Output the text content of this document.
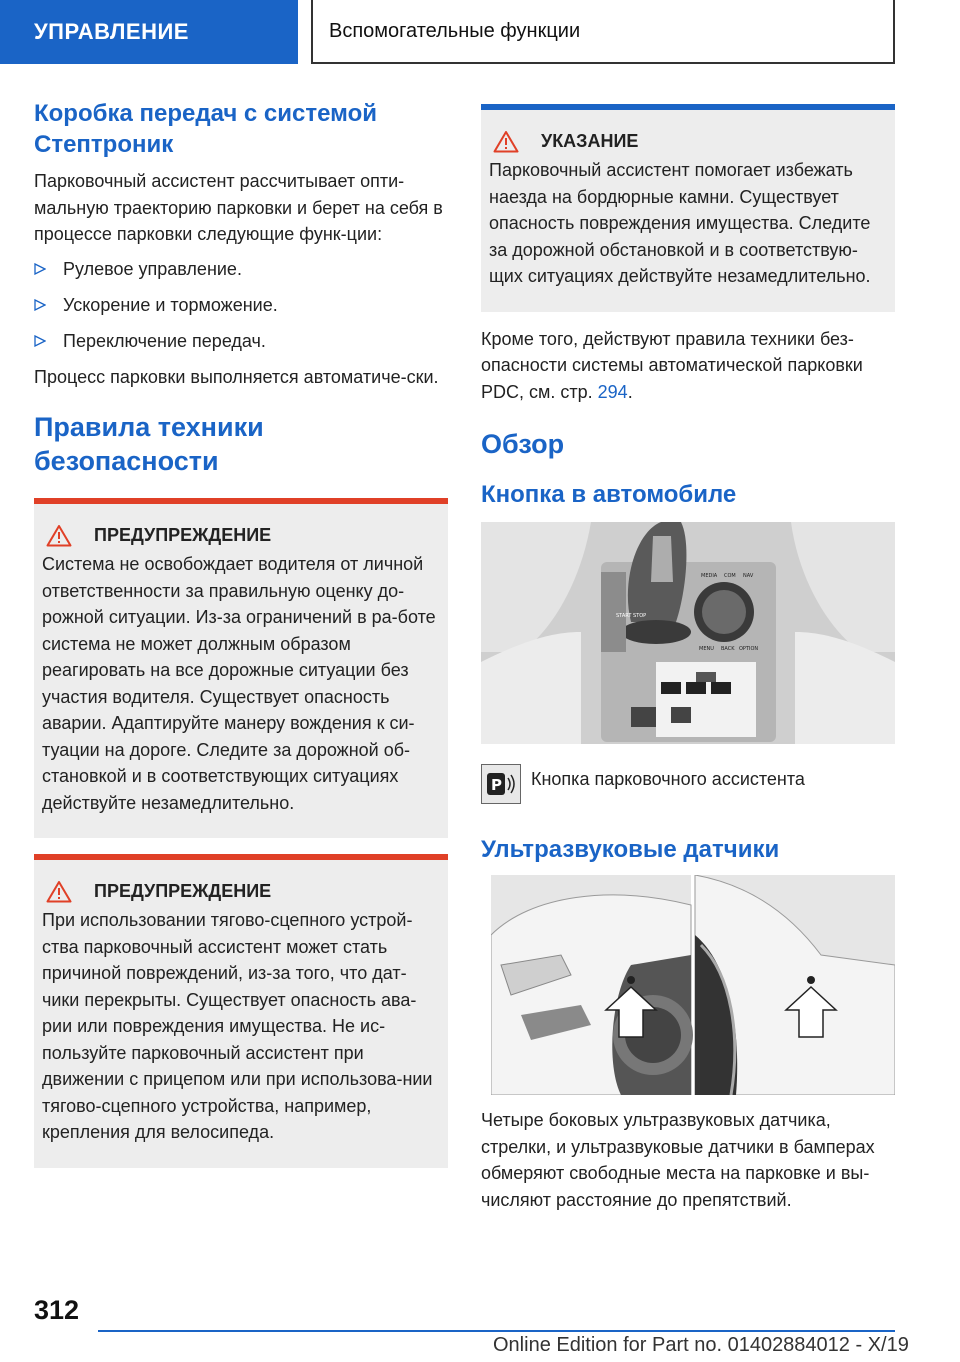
УПРАВЛЕНИЕ	Вспомогательные функции
Коробка передач с системой Стептроник

Парковочный ассистент рассчитывает опти-мальную траекторию парковки и берет на себя в процессе парковки следующие функ-ции:

Рулевое управление.
Ускорение и торможение.
Переключение передач.

Процесс парковки выполняется автоматиче-ски.

Правила техники безопасности
ПРЕДУПРЕЖДЕНИЕ

Система не освобождает водителя от личной ответственности за правильную оценку до-рожной ситуации. Из-за ограничений в ра-боте система не может должным образом реагировать на все дорожные ситуации без участия водителя. Существует опасность аварии. Адаптируйте манеру вождения к си-туации на дороге. Следите за дорожной об-становкой и в соответствующих ситуациях действуйте незамедлительно.

ПРЕДУПРЕЖДЕНИЕ

При использовании тягово-сцепного устрой-ства парковочный ассистент может стать причиной повреждений, из-за того, что дат-чики перекрыты. Существует опасность ава-рии или повреждения имущества. Не ис-пользуйте парковочный ассистент при движении с прицепом или при использова-нии тягово-сцепного устройства, например, крепления для велосипеда.

УКАЗАНИЕ

Парковочный ассистент помогает избежать наезда на бордюрные камни. Существует опасность повреждения имущества. Следите за дорожной обстановкой и в соответствую-щих ситуациях действуйте незамедлительно.

Кроме того, действуют правила техники без-опасности системы автоматической парковки PDC, см. стр. 294.

Обзор
Кнопка в автомобиле
START STOP
MEDIA COM NAV
MENU BACK OPTION
P Кнопка парковочного ассистента

Ультразвуковые датчики

Четыре боковых ультразвуковых датчика, стрелки, и ультразвуковые датчики в бамперах обмеряют свободные места на парковке и вы-числяют расстояние до препятствий.

312
Online Edition for Part no. 01402884012 - X/19
